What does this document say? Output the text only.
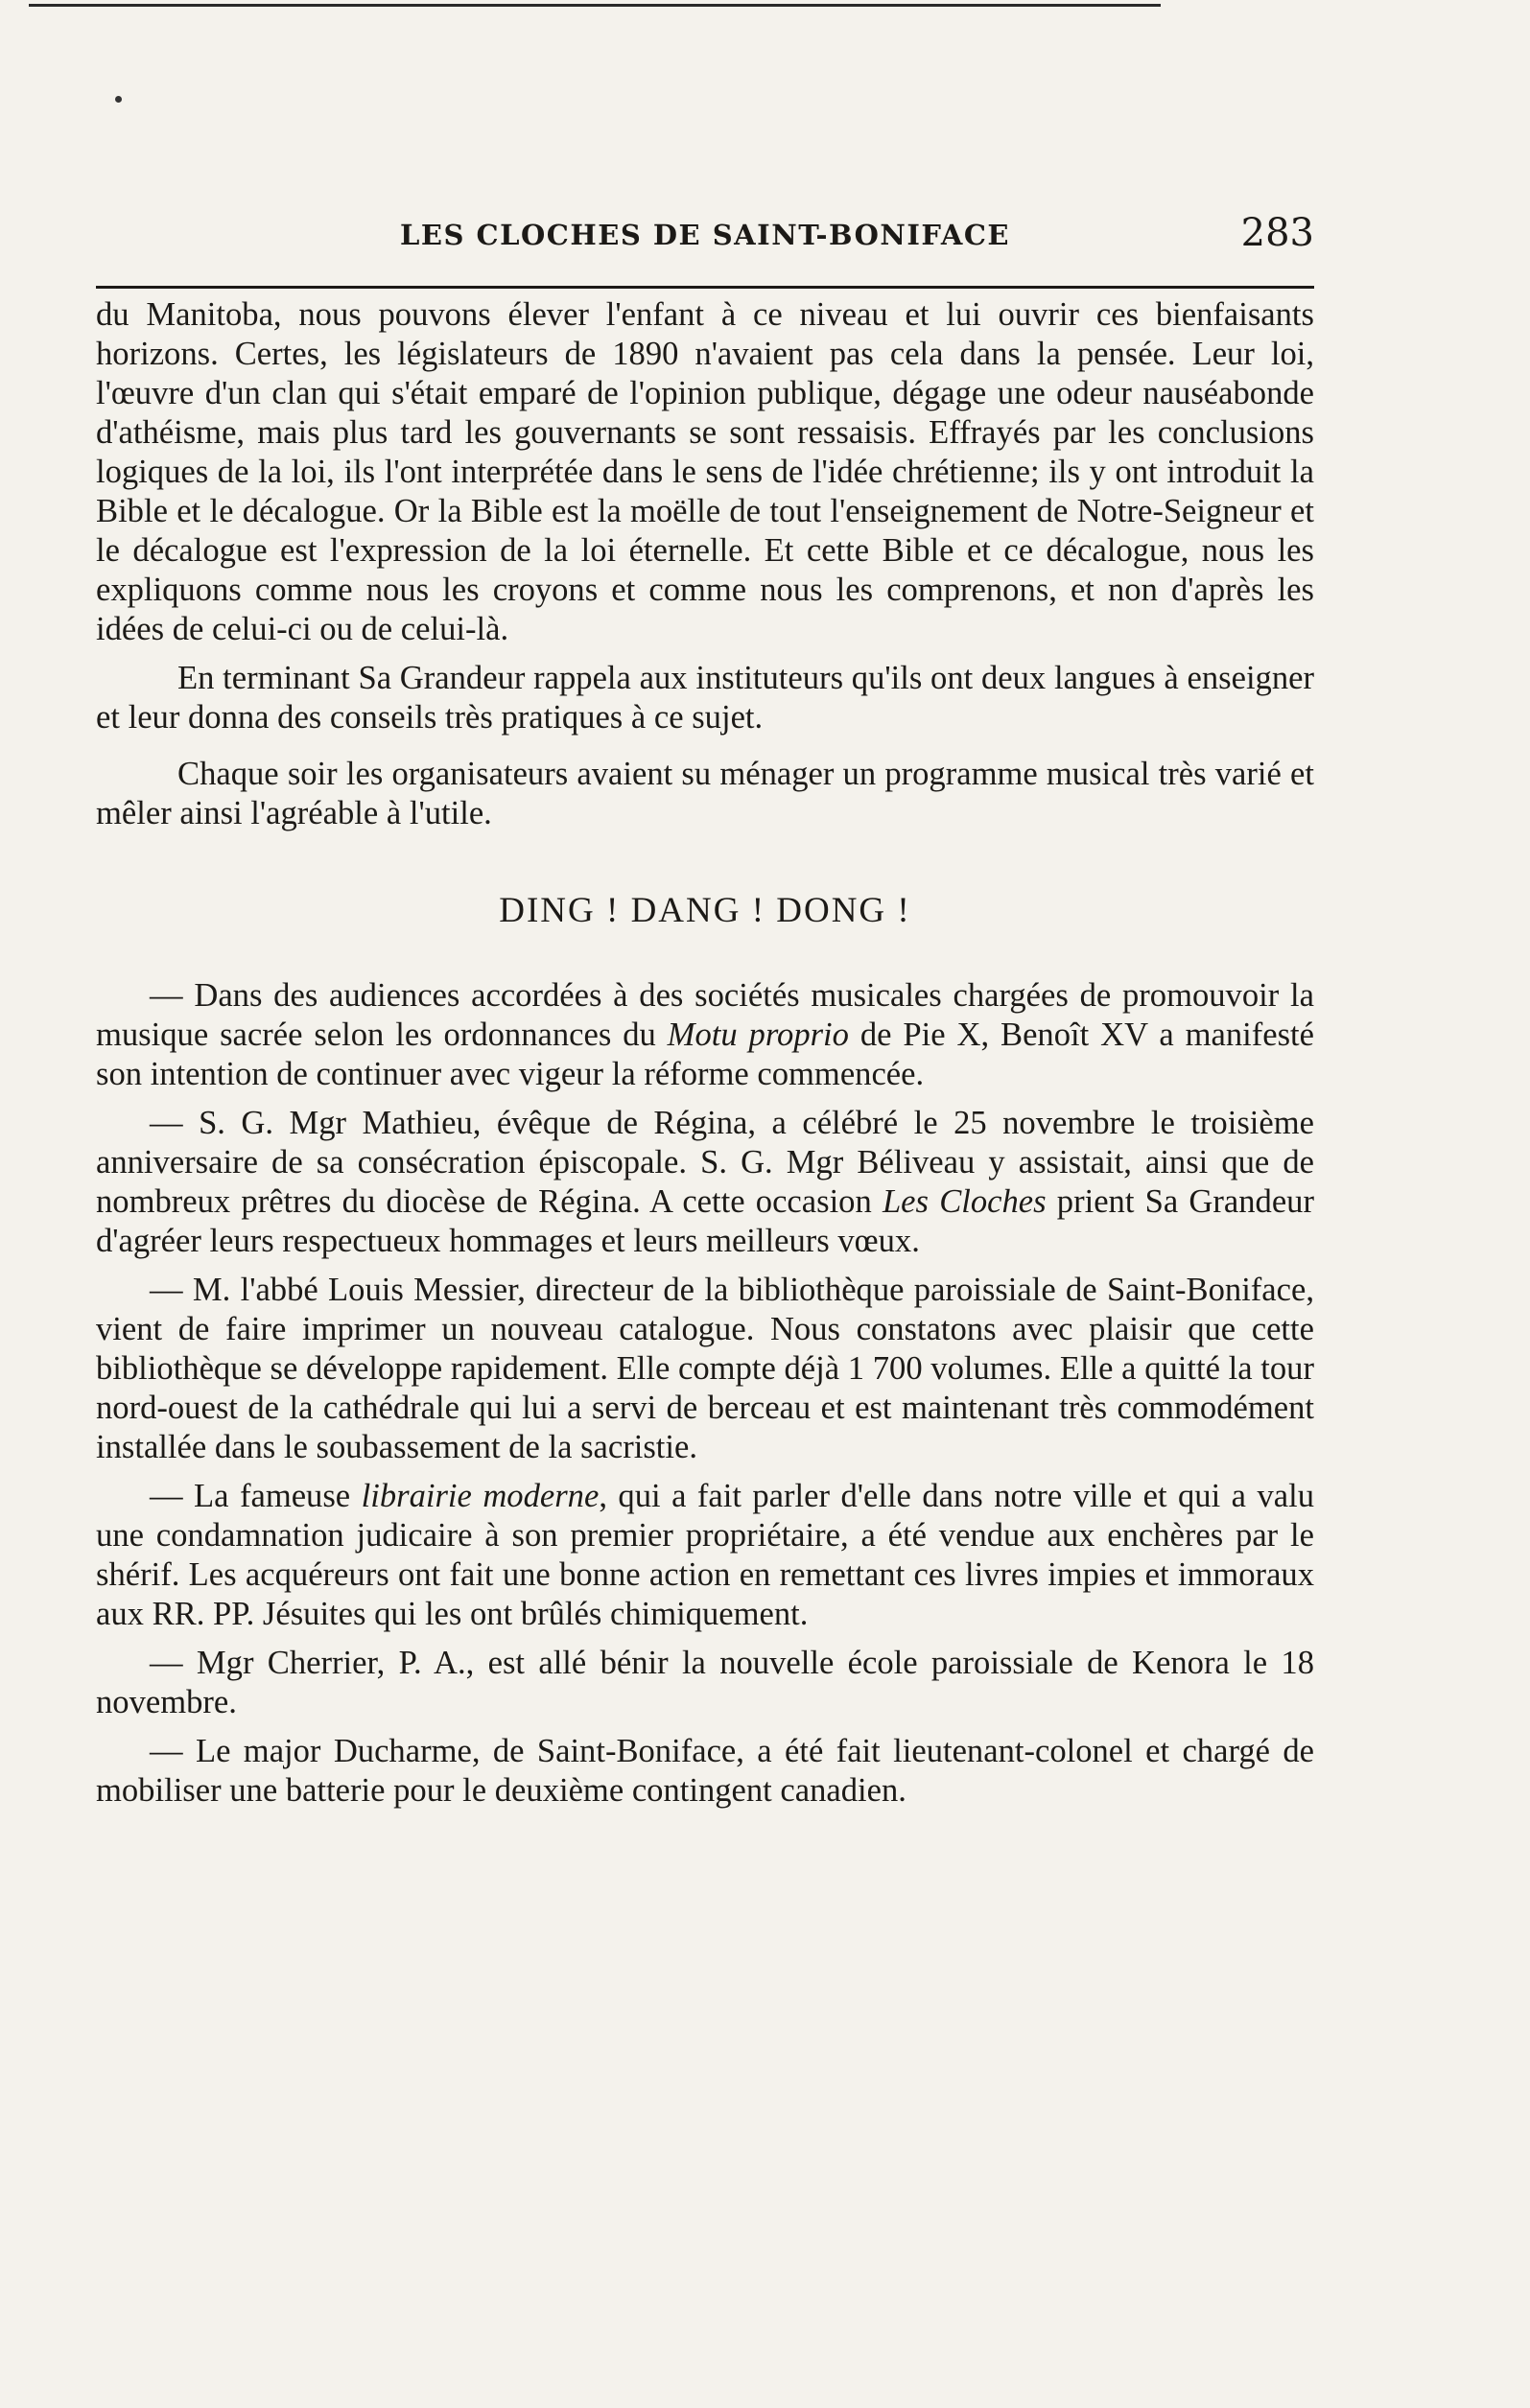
LES CLOCHES DE SAINT-BONIFACE	283

du Manitoba, nous pouvons élever l'enfant à ce niveau et lui ouvrir ces bienfaisants horizons. Certes, les législateurs de 1890 n'avaient pas cela dans la pensée. Leur loi, l'œuvre d'un clan qui s'était emparé de l'opinion publique, dégage une odeur nauséabonde d'athéisme, mais plus tard les gouvernants se sont ressaisis. Effrayés par les conclusions logiques de la loi, ils l'ont interprétée dans le sens de l'idée chrétienne; ils y ont introduit la Bible et le décalogue. Or la Bible est la moëlle de tout l'enseignement de Notre-Seigneur et le décalogue est l'expression de la loi éternelle. Et cette Bible et ce décalogue, nous les expliquons comme nous les croyons et comme nous les comprenons, et non d'après les idées de celui-ci ou de celui-là.

En terminant Sa Grandeur rappela aux instituteurs qu'ils ont deux langues à enseigner et leur donna des conseils très pratiques à ce sujet.

Chaque soir les organisateurs avaient su ménager un programme musical très varié et mêler ainsi l'agréable à l'utile.

DING ! DANG ! DONG !

— Dans des audiences accordées à des sociétés musicales chargées de promouvoir la musique sacrée selon les ordonnances du Motu proprio de Pie X, Benoît XV a manifesté son intention de continuer avec vigeur la réforme commencée.

— S. G. Mgr Mathieu, évêque de Régina, a célébré le 25 novembre le troisième anniversaire de sa consécration épiscopale. S. G. Mgr Béliveau y assistait, ainsi que de nombreux prêtres du diocèse de Régina. A cette occasion Les Cloches prient Sa Grandeur d'agréer leurs respectueux hommages et leurs meilleurs vœux.

— M. l'abbé Louis Messier, directeur de la bibliothèque paroissiale de Saint-Boniface, vient de faire imprimer un nouveau catalogue. Nous constatons avec plaisir que cette bibliothèque se développe rapidement. Elle compte déjà 1 700 volumes. Elle a quitté la tour nord-ouest de la cathédrale qui lui a servi de berceau et est maintenant très commodément installée dans le soubassement de la sacristie.

— La fameuse librairie moderne, qui a fait parler d'elle dans notre ville et qui a valu une condamnation judicaire à son premier propriétaire, a été vendue aux enchères par le shérif. Les acquéreurs ont fait une bonne action en remettant ces livres impies et immoraux aux RR. PP. Jésuites qui les ont brûlés chimiquement.

— Mgr Cherrier, P. A., est allé bénir la nouvelle école paroissiale de Kenora le 18 novembre.

— Le major Ducharme, de Saint-Boniface, a été fait lieutenant-colonel et chargé de mobiliser une batterie pour le deuxième contingent canadien.
